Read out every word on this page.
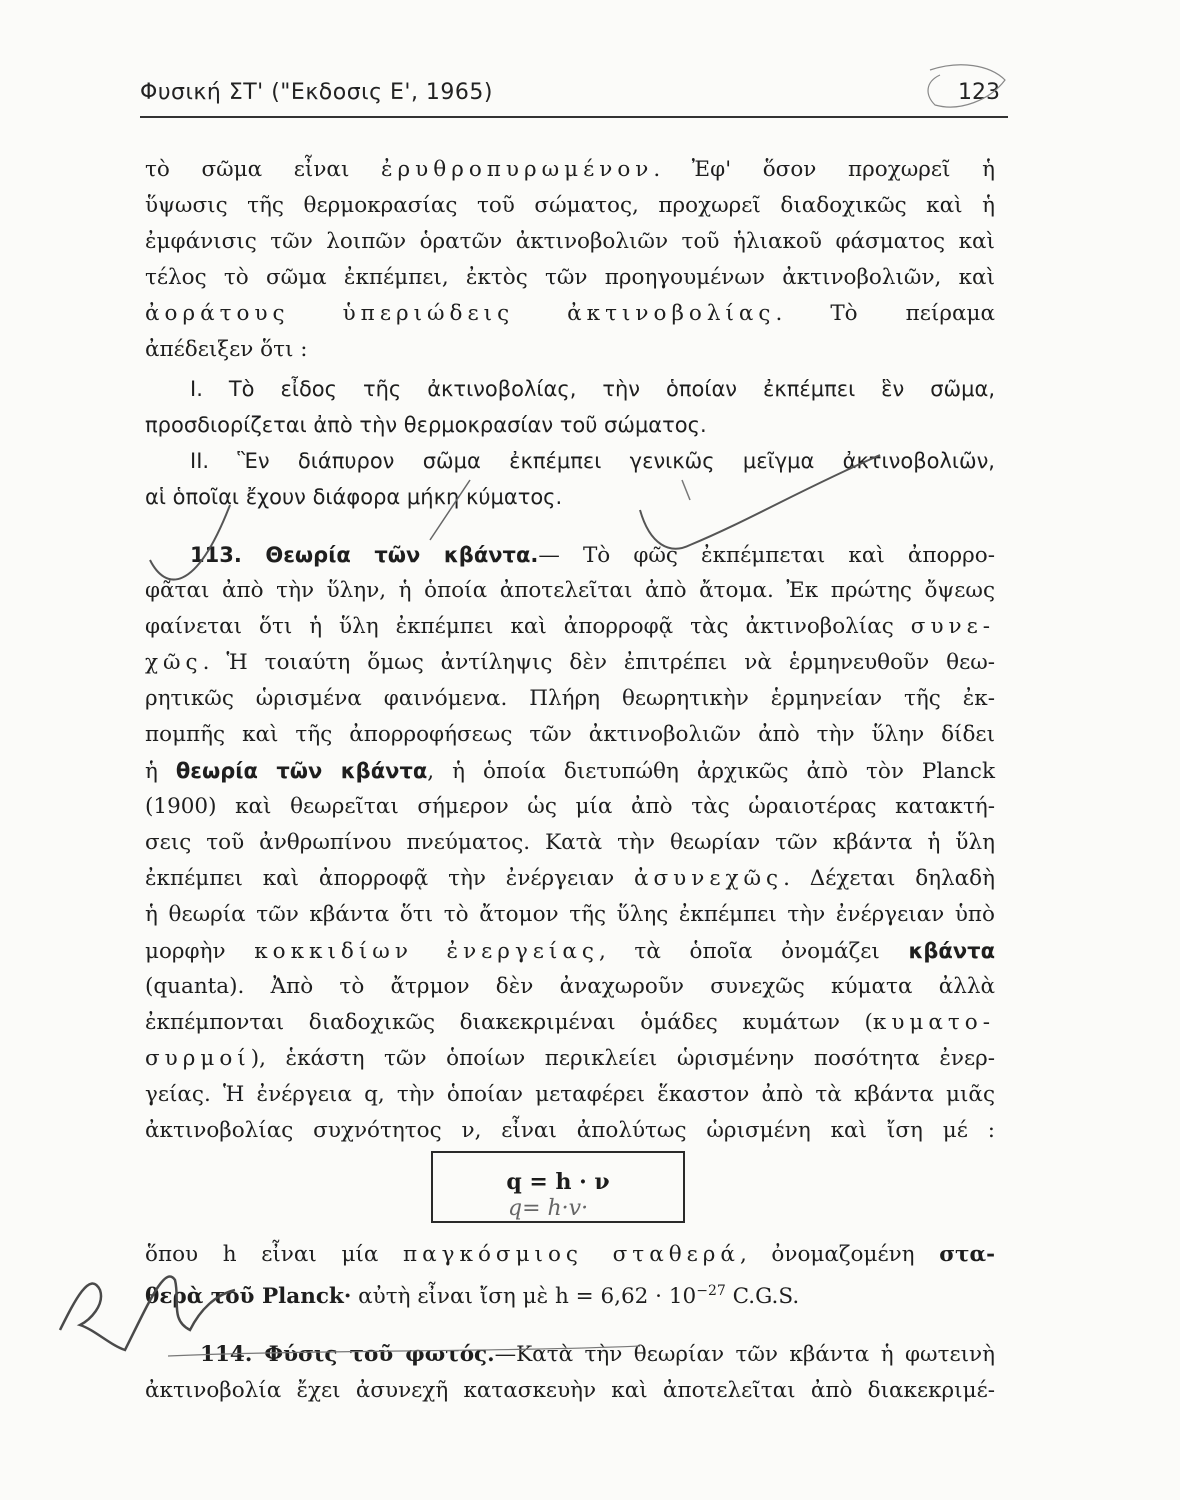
Φυσική ΣΤ' ("Εκδοσις Ε', 1965)	123

τὸ σῶμα εἶναι ἐρυθροπυρωμένον. Ἐφ' ὅσον προχωρεῖ ἡ

ὕψωσις τῆς θερμοκρασίας τοῦ σώματος, προχωρεῖ διαδοχικῶς καὶ ἡ

ἐμφάνισις τῶν λοιπῶν ὁρατῶν ἀκτινοβολιῶν τοῦ ἡλιακοῦ φάσματος καὶ

τέλος τὸ σῶμα ἐκπέμπει, ἐκτὸς τῶν προηγουμένων ἀκτινοβολιῶν, καὶ

ἀοράτους ὑπεριώδεις ἀκτινοβολίας. Τὸ πείραμα

ἀπέδειξεν ὅτι :

I. Τὸ εἶδος τῆς ἀκτινοβολίας, τὴν ὁποίαν ἐκπέμπει ἓν σῶμα,

προσδιορίζεται ἀπὸ τὴν θερμοκρασίαν τοῦ σώματος.

II. Ἓν διάπυρον σῶμα ἐκπέμπει γενικῶς μεῖγμα ἀκτινοβολιῶν,

αἱ ὁποῖαι ἔχουν διάφορα μήκη κύματος.

113. Θεωρία τῶν κβάντα.— Τὸ φῶς ἐκπέμπεται καὶ ἀπορρο-

φᾶται ἀπὸ τὴν ὕλην, ἡ ὁποία ἀποτελεῖται ἀπὸ ἄτομα. Ἐκ πρώτης ὄψεως

φαίνεται ὅτι ἡ ὕλη ἐκπέμπει καὶ ἀπορροφᾷ τὰς ἀκτινοβολίας συνε-

χῶς. Ἡ τοιαύτη ὅμως ἀντίληψις δὲν ἐπιτρέπει νὰ ἑρμηνευθοῦν θεω-

ρητικῶς ὡρισμένα φαινόμενα. Πλήρη θεωρητικὴν ἑρμηνείαν τῆς ἐκ-

πομπῆς καὶ τῆς ἀπορροφήσεως τῶν ἀκτινοβολιῶν ἀπὸ τὴν ὕλην δίδει

ἡ θεωρία τῶν κβάντα, ἡ ὁποία διετυπώθη ἀρχικῶς ἀπὸ τὸν Planck

(1900) καὶ θεωρεῖται σήμερον ὡς μία ἀπὸ τὰς ὡραιοτέρας κατακτή-

σεις τοῦ ἀνθρωπίνου πνεύματος. Κατὰ τὴν θεωρίαν τῶν κβάντα ἡ ὕλη

ἐκπέμπει καὶ ἀπορροφᾷ τὴν ἐνέργειαν ἀσυνεχῶς. Δέχεται δηλαδὴ

ἡ θεωρία τῶν κβάντα ὅτι τὸ ἄτομον τῆς ὕλης ἐκπέμπει τὴν ἐνέργειαν ὑπὸ

μορφὴν κοκκιδίων ἐνεργείας, τὰ ὁποῖα ὀνομάζει κβάντα

(quanta). Ἀπὸ τὸ ἄτρμον δὲν ἀναχωροῦν συνεχῶς κύματα ἀλλὰ

ἐκπέμπονται διαδοχικῶς διακεκριμέναι ὁμάδες κυμάτων (κυματο-

συρμοί), ἑκάστη τῶν ὁποίων περικλείει ὡρισμένην ποσότητα ἐνερ-

γείας. Ἡ ἐνέργεια q, τὴν ὁποίαν μεταφέρει ἕκαστον ἀπὸ τὰ κβάντα μιᾶς

ἀκτινοβολίας συχνότητος ν, εἶναι ἀπολύτως ὡρισμένη καὶ ἴση μέ :

q = h · ν
q= h·v·

ὅπου h εἶναι μία παγκόσμιος σταθερά, ὀνομαζομένη στα-

θερὰ τοῦ Planck· αὐτὴ εἶναι ἴση μὲ $h = 6,62 \cdot 10^{-27}$ C.G.S.

114. Φύσις τοῦ φωτός.—Κατὰ τὴν θεωρίαν τῶν κβάντα ἡ φωτεινὴ

ἀκτινοβολία ἔχει ἀσυνεχῆ κατασκευὴν καὶ ἀποτελεῖται ἀπὸ διακεκριμέ-
